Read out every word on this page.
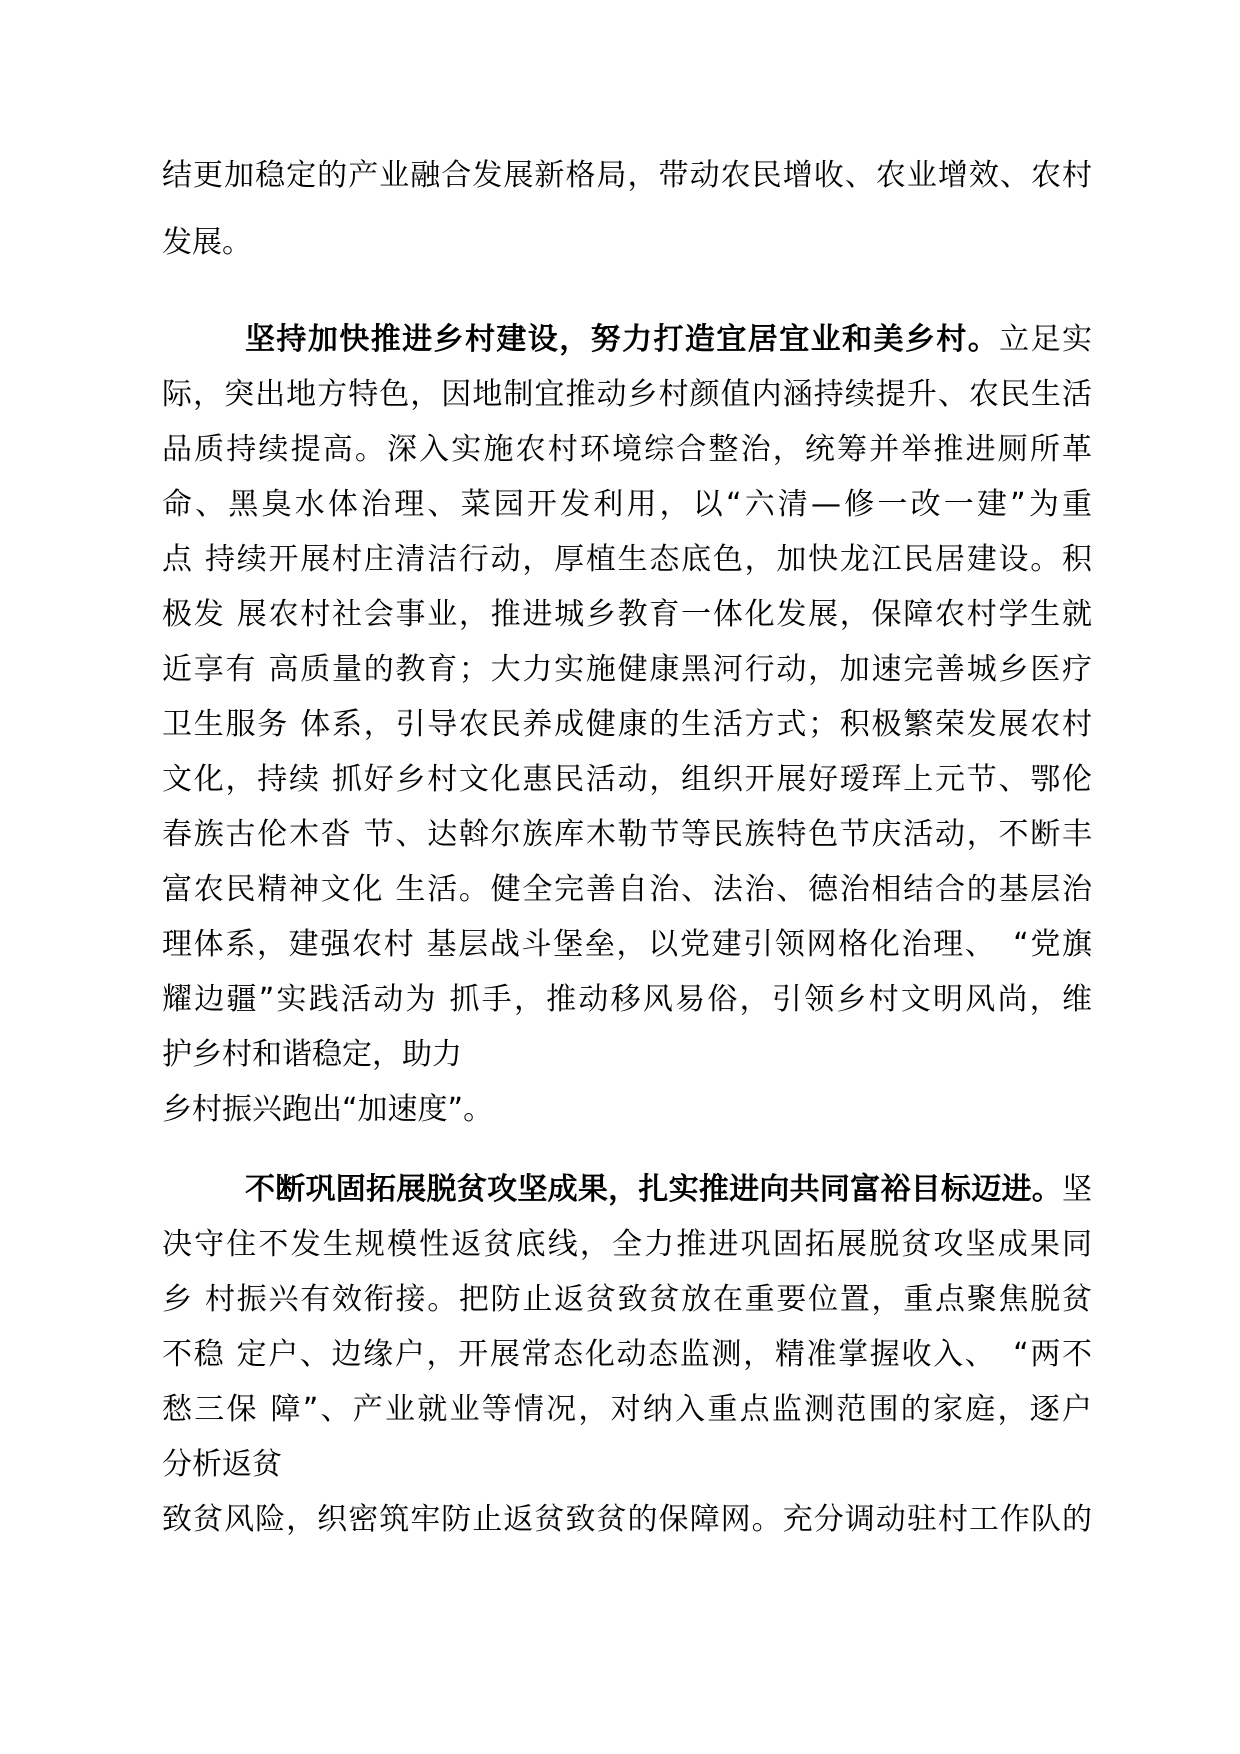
结更加稳定的产业融合发展新格局，带动农民增收、农业增效、农村
发展。
坚持加快推进乡村建设，努力打造宜居宜业和美乡村。立足实
际，突出地方特色，因地制宜推动乡村颜值内涵持续提升、农民生活
品质持续提高。深入实施农村环境综合整治，统筹并举推进厕所革
命、黑臭水体治理、菜园开发利用，以“六清—修一改一建”为重
点 持续开展村庄清洁行动，厚植生态底色，加快龙江民居建设。积
极发 展农村社会事业，推进城乡教育一体化发展，保障农村学生就
近享有 高质量的教育；大力实施健康黑河行动，加速完善城乡医疗
卫生服务 体系，引导农民养成健康的生活方式；积极繁荣发展农村
文化，持续 抓好乡村文化惠民活动，组织开展好瑷珲上元节、鄂伦
春族古伦木沓 节、达斡尔族库木勒节等民族特色节庆活动，不断丰
富农民精神文化 生活。健全完善自治、法治、德治相结合的基层治
理体系，建强农村 基层战斗堡垒，以党建引领网格化治理、　“党旗
耀边疆”实践活动为 抓手，推动移风易俗，引领乡村文明风尚，维
护乡村和谐稳定，助力
乡村振兴跑出“加速度”。
不断巩固拓展脱贫攻坚成果，扎实推进向共同富裕目标迈进。坚
决守住不发生规模性返贫底线，全力推进巩固拓展脱贫攻坚成果同
乡 村振兴有效衔接。把防止返贫致贫放在重要位置，重点聚焦脱贫
不稳 定户、边缘户，开展常态化动态监测，精准掌握收入、　“两不
愁三保 障”、产业就业等情况，对纳入重点监测范围的家庭，逐户
分析返贫
致贫风险，织密筑牢防止返贫致贫的保障网。充分调动驻村工作队的
